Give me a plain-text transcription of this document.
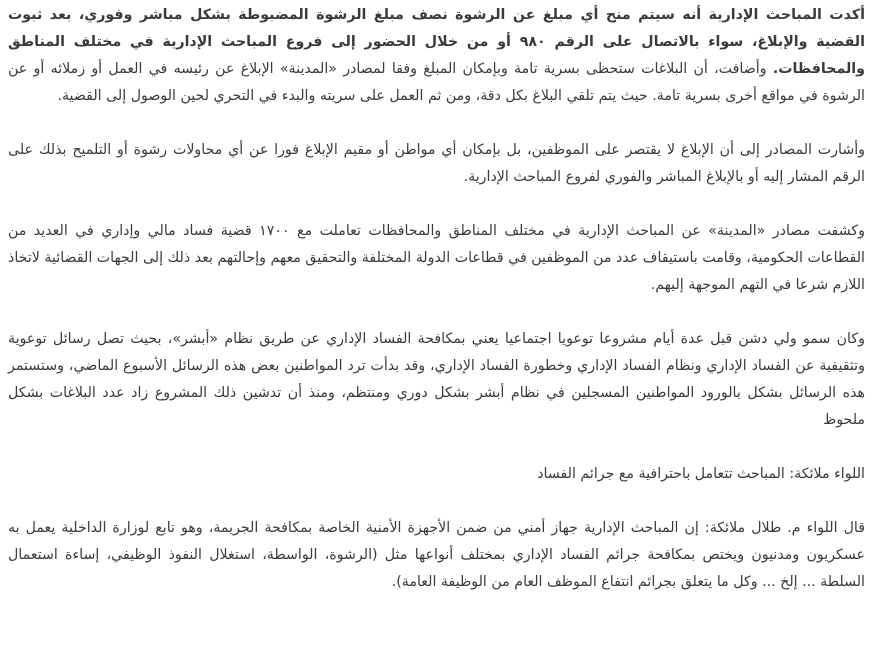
أكدت المباحث الإدارية أنه سيتم منح أي مبلغ عن الرشوة نصف مبلغ الرشوة المضبوطة بشكل مباشر وفوري، بعد ثبوت القضية والإبلاغ، سواء بالاتصال على الرقم ٩٨٠ أو من خلال الحضور إلى فروع المباحث الإدارية في مختلف المناطق والمحافظات. وأضافت، أن البلاغات ستحظى بسرية تامة وبإمكان المبلغ وفقا لمصادر «المدينة» الإبلاغ عن رئيسه في العمل أو زملائه أو عن الرشوة في مواقع أخرى بسرية تامة. حيث يتم تلقي البلاغ بكل دقة، ومن ثم العمل على سريته والبدء في التحري لحين الوصول إلى القضية.

وأشارت المصادر إلى أن الإبلاغ لا يقتصر على الموظفين، بل بإمكان أي مواطن أو مقيم الإبلاغ فورا عن أي محاولات رشوة أو التلميح بذلك على الرقم المشار إليه أو بالإبلاغ المباشر والفوري لفروع المباحث الإدارية.

وكشفت مصادر «المدينة» عن المباحث الإدارية في مختلف المناطق والمحافظات تعاملت مع ١٧٠٠ قضية فساد مالي وإداري في العديد من القطاعات الحكومية، وقامت باستيقاف عدد من الموظفين في قطاعات الدولة المختلفة والتحقيق معهم وإحالتهم بعد ذلك إلى الجهات القضائية لاتخاذ اللازم شرعا في التهم الموجهة إليهم.

وكان سمو ولي دشن قبل عدة أيام مشروعا توعويا اجتماعيا يعني بمكافحة الفساد الإداري عن طريق نظام «أبشر»، بحيث تصل رسائل توعوية وتثقيفية عن الفساد الإداري ونظام الفساد الإداري وخطورة الفساد الإداري، وقد بدأت ترد المواطنين بعض هذه الرسائل الأسبوع الماضي، وستستمر هذه الرسائل بشكل بالورود المواطنين المسجلين في نظام أبشر بشكل دوري ومنتظم، ومنذ أن تدشين ذلك المشروع زاد عدد البلاغات بشكل ملحوظ

اللواء ملائكة: المباحث تتعامل باحترافية مع جرائم الفساد

قال اللواء م. طلال ملائكة: إن المباحث الإدارية جهاز أمني من ضمن الأجهزة الأمنية الخاصة بمكافحة الجريمة، وهو تابع لوزارة الداخلية يعمل به عسكريون ومدنيون ويختص بمكافحة جرائم الفساد الإداري بمختلف أنواعها مثل (الرشوة، الواسطة، استغلال النفوذ الوظيفي، إساءة استعمال السلطة ... إلخ ... وكل ما يتعلق بجرائم انتفاع الموظف العام من الوظيفة العامة).
